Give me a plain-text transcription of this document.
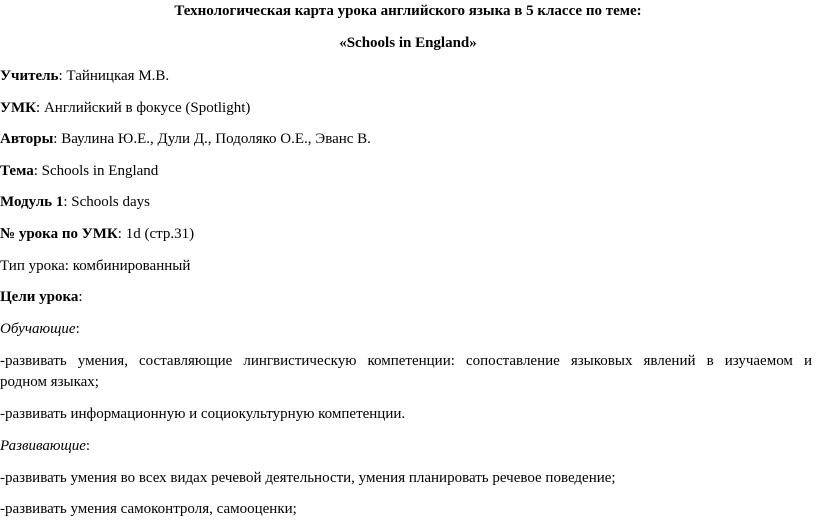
Технологическая карта урока английского языка в 5 классе по теме:
«Schools in England»
Учитель: Тайницкая М.В.
УМК: Английский в фокусе (Spotlight)
Авторы: Ваулина Ю.Е., Дули Д., Подоляко О.Е., Эванс В.
Тема: Schools in England
Модуль 1: Schools days
№ урока по УМК: 1d (стр.31)
Тип урока: комбинированный
Цели урока:
Обучающие:
-развивать умения, составляющие лингвистическую компетенции: сопоставление языковых явлений в изучаемом и
родном языках;
-развивать информационную и социокультурную компетенции.
Развивающие:
-развивать умения во всех видах речевой деятельности, умения планировать речевое поведение;
-развивать умения самоконтроля, самооценки;
